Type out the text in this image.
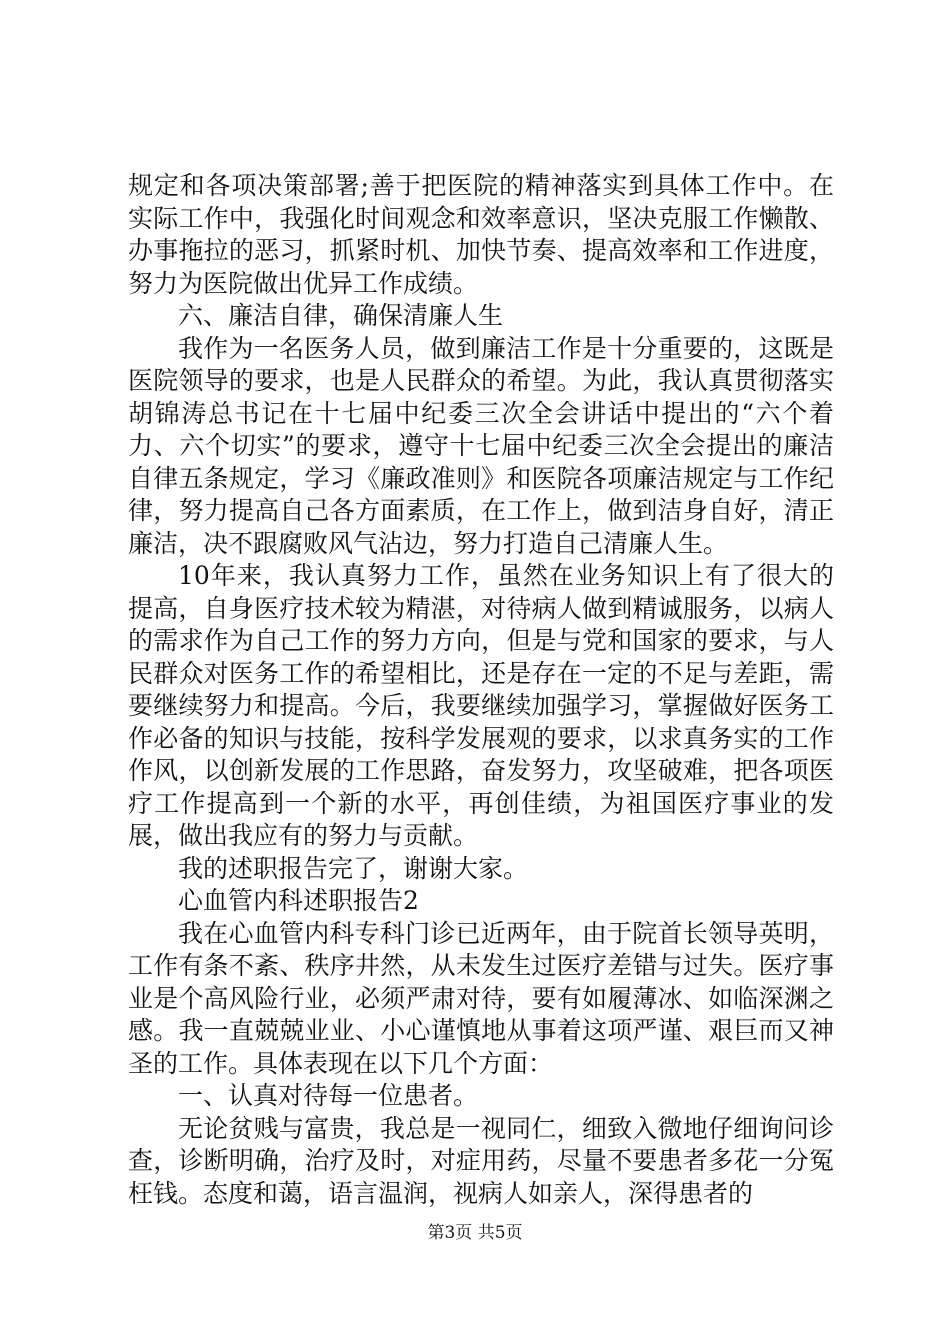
规定和各项决策部署;善于把医院的精神落实到具体工作中。在实际工作中，我强化时间观念和效率意识，坚决克服工作懒散、办事拖拉的恶习，抓紧时机、加快节奏、提高效率和工作进度，努力为医院做出优异工作成绩。

六、廉洁自律，确保清廉人生

我作为一名医务人员，做到廉洁工作是十分重要的，这既是医院领导的要求，也是人民群众的希望。为此，我认真贯彻落实胡锦涛总书记在十七届中纪委三次全会讲话中提出的“六个着力、六个切实”的要求，遵守十七届中纪委三次全会提出的廉洁自律五条规定，学习《廉政准则》和医院各项廉洁规定与工作纪律，努力提高自己各方面素质，在工作上，做到洁身自好，清正廉洁，决不跟腐败风气沾边，努力打造自己清廉人生。

10年来，我认真努力工作，虽然在业务知识上有了很大的提高，自身医疗技术较为精湛，对待病人做到精诚服务，以病人的需求作为自己工作的努力方向，但是与党和国家的要求，与人民群众对医务工作的希望相比，还是存在一定的不足与差距，需要继续努力和提高。今后，我要继续加强学习，掌握做好医务工作必备的知识与技能，按科学发展观的要求，以求真务实的工作作风，以创新发展的工作思路，奋发努力，攻坚破难，把各项医疗工作提高到一个新的水平，再创佳绩，为祖国医疗事业的发展，做出我应有的努力与贡献。

我的述职报告完了，谢谢大家。

心血管内科述职报告2

我在心血管内科专科门诊已近两年，由于院首长领导英明，工作有条不紊、秩序井然，从未发生过医疗差错与过失。医疗事业是个高风险行业，必须严肃对待，要有如履薄冰、如临深渊之感。我一直兢兢业业、小心谨慎地从事着这项严谨、艰巨而又神圣的工作。具体表现在以下几个方面：

一、认真对待每一位患者。

无论贫贱与富贵，我总是一视同仁，细致入微地仔细询问诊查，诊断明确，治疗及时，对症用药，尽量不要患者多花一分冤枉钱。态度和蔼，语言温润，视病人如亲人，深得患者的

第3页 共5页
